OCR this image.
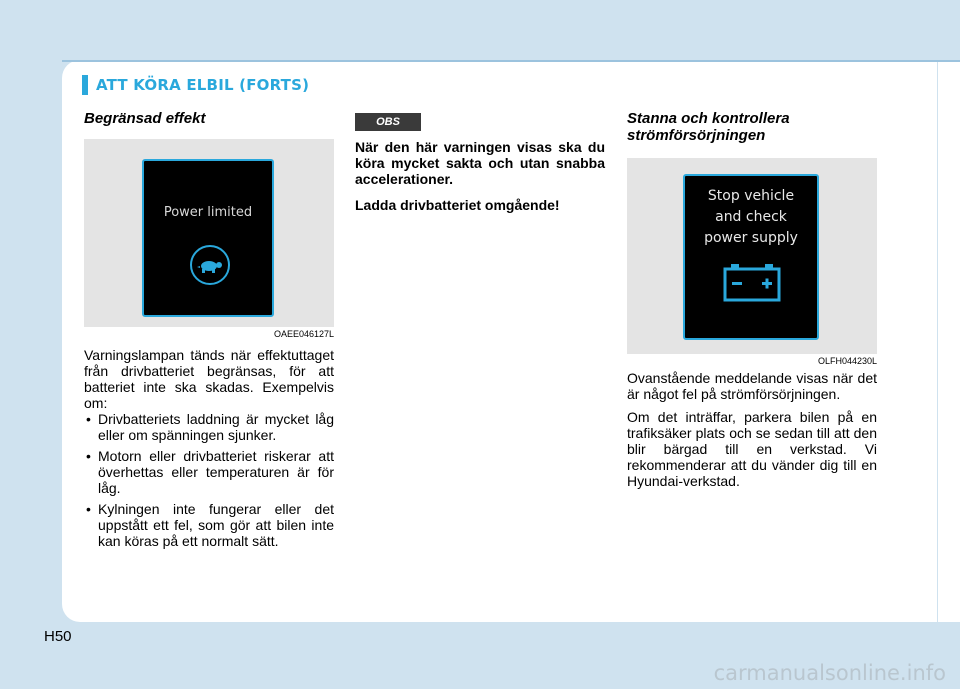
ATT KÖRA ELBIL (FORTS)
Begränsad effekt
Power limited
OAEE046127L

Varningslampan tänds när effektuttaget från drivbatteriet begränsas, för att batteriet inte ska skadas. Exempelvis om:

• Drivbatteriets laddning är mycket låg eller om spänningen sjunker.
• Motorn eller drivbatteriet riskerar att överhettas eller temperaturen är för låg.
• Kylningen inte fungerar eller det uppstått ett fel, som gör att bilen inte kan köras på ett normalt sätt.
OBS

När den här varningen visas ska du köra mycket sakta och utan snabba accelerationer.

Ladda drivbatteriet omgående!

Stanna och kontrollera strömförsörjningen
Stop vehicle
and check
power supply
OLFH044230L

Ovanstående meddelande visas när det är något fel på strömförsörjningen.

Om det inträffar, parkera bilen på en trafiksäker plats och se sedan till att den blir bärgad till en verkstad. Vi rekommenderar att du vänder dig till en Hyundai-verkstad.

H50
carmanualsonline.info
